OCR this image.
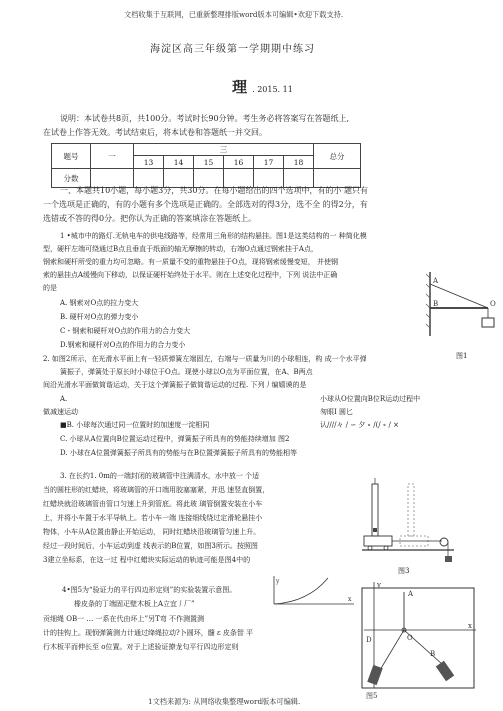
文档收集于互联网，已重新整理排版word版本可编辑•欢迎下载支持.
海淀区高三年级第一学期期中练习
理 . 2015. 11
说明：本试卷共8页，共100分。考试时长90分钟。考生务必将答案写在答题纸上,
在试卷上作答无效。考试结束后，将本试卷和答题纸一并交回。
题号	一	三						总分
		13	14	15	16	17	18	
分数								
一、本题共10小题，每小题3分，共30分。在每小题给出的四个选项中，有的小 题只有
一个选项是正确的，有的小题有多个选项是正确的。全部选对的得3分，选不全 的得2分，有
选错或不答的得0分。把你认为正确的答案填涂在答题纸上。
1 •城市中的路灯.无轨电车的供电线路等，经常用三角形的结构悬挂。图1是这类结构的一 种简化模
型，硬杆左端可绕通过B点且垂直于纸面的轴无摩擦的转动，右端O点通过钢索挂于A点，
钢索和硬杆所受的重力均可忽略。有一质量不变的重物悬挂于O点，现将钢索缓慢变短， 并使钢
索的悬挂点A缓慢向下移动，以保证硬杆始终处于水平。则在上述变化过程中，下列 说法中正确
的是
A. 钢索对O点的拉力变大
B. 硬杆对O点的弹力变小
C・钢索和硬杆对O点的作用力的合力变大
D.钢索和硬杆对O点的作用力的合力变小
A
B	O
图1
2. 如图2所示，在光滑水平面上有一轻质弹簧左端固左，右端与一质量为川的小球相连，构 成一个水平弹
簧振子，弹簧处于原长时小球位于O点。现使小球以O点为平面位置，在A、B两点
间沿光滑水平面做简谐运动，关于这个弹簧振子做简谐运动的过程. 下列丿编嬉谟的是
A.	小球从O位置向B位R运动过程中
做减速运动	匆眼I 圆匕
■B. 小球每次通过同一位置时的加速度一淀相同	认////々 / ∽ 夕 ∘ /(/ ∘ / ×
C. 小球从A位置向B位置运动过程中，弹簧振子所具有的势能持续增加 图2
D. 小球在A位置弹簧振子所具有的势能与在B位置弹簧振子所具有的势能相等
3. 在长约1. 0m的一端封闭的玻璃管中注满清水，水中放一 个适
当的圆柱形的红蜡块，将玻璃管的开口端用胶塞塞紧，并迅 速竖直倒置，
红蜡块就沿玻璃管由管口匀速上升到管底。将此玻 璃管倒置安装在小车
上，并将小车置于水平导轨上。若小车一端 连接细线绕过定滑轮悬挂小
物体，小车从A位置由静止开始运动， 同时红蜡块沿玻璃管匀速上升。
经过一段时间后，小车运动到虚 线表示的B位置，如图3所示。按照图
3建立坐标系，在这一过 程中红蜡块实际运动的轨迹可能是图4中的
图3
y
x
4•图5为“验证力的平行四边形定则”的实验装置示意图。
橡皮条的丁端固疋壁木板上A立宜丿厂”
贡细绳 OB一 … 一系在代由坏上”另T弯 不作测置测
计的挂钩上。现悯弹簧测力计通过绛绳拉动?卜圆环，髓 ε 皮条智 平
行木板平而伸长至 o位置。对于上述验证撩龙匂平行四边形定则
y
A
D	O
x
B
图5
1文档来源为: 从网络收集整理word版本可编辑.
